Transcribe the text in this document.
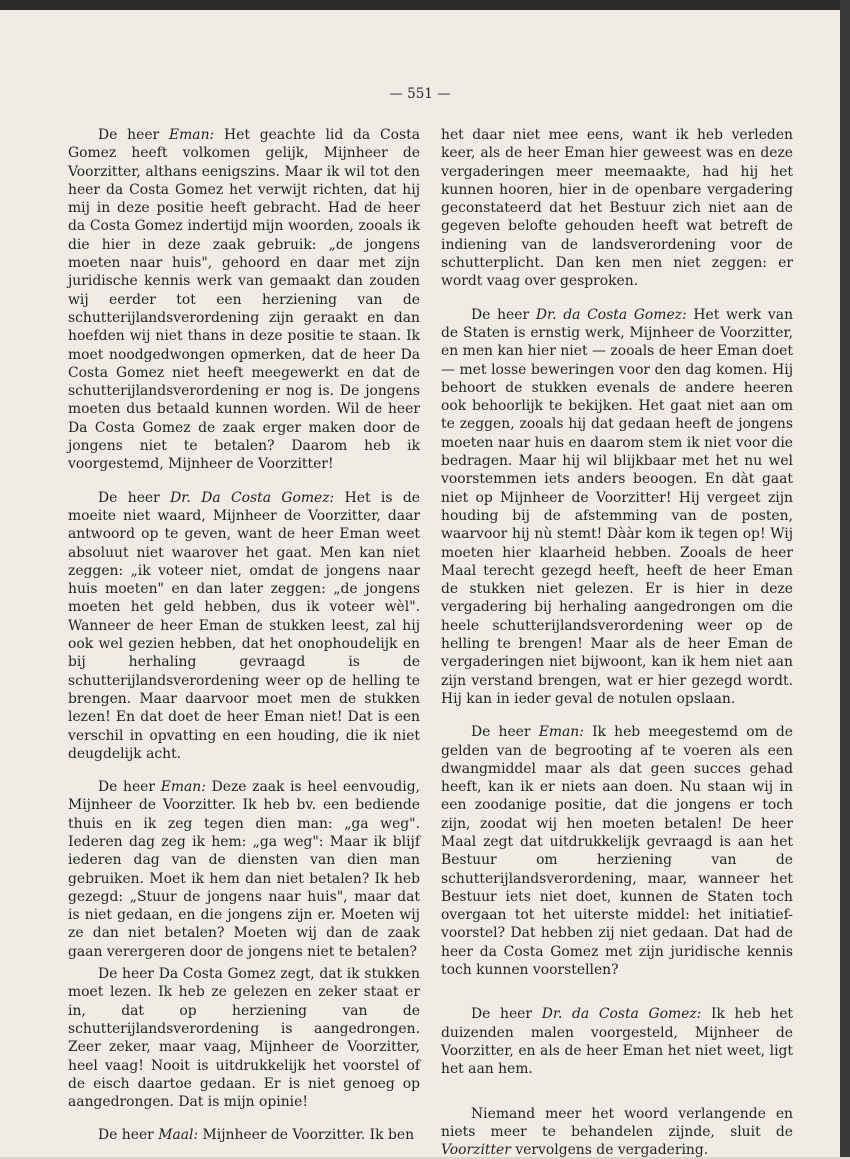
— 551 —

De heer Eman: Het geachte lid da Costa Gomez heeft volkomen gelijk, Mijnheer de Voorzitter, althans eenigszins. Maar ik wil tot den heer da Costa Gomez het verwijt richten, dat hij mij in deze positie heeft gebracht. Had de heer da Costa Gomez indertijd mijn woorden, zooals ik die hier in deze zaak gebruik: „de jongens moeten naar huis", gehoord en daar met zijn juridische kennis werk van gemaakt dan zouden wij eerder tot een herziening van de schutterijlandsverordening zijn geraakt en dan hoefden wij niet thans in deze positie te staan. Ik moet noodgedwongen opmerken, dat de heer Da Costa Gomez niet heeft meegewerkt en dat de schutterijlandsverordening er nog is. De jongens moeten dus betaald kunnen worden. Wil de heer Da Costa Gomez de zaak erger maken door de jongens niet te betalen? Daarom heb ik voorgestemd, Mijnheer de Voorzitter!

De heer Dr. Da Costa Gomez: Het is de moeite niet waard, Mijnheer de Voorzitter, daar antwoord op te geven, want de heer Eman weet absoluut niet waarover het gaat. Men kan niet zeggen: „ik voteer niet, omdat de jongens naar huis moeten" en dan later zeggen: „de jongens moeten het geld hebben, dus ik voteer wèl". Wanneer de heer Eman de stukken leest, zal hij ook wel gezien hebben, dat het onophoudelijk en bij herhaling gevraagd is de schutterijlandsverordening weer op de helling te brengen. Maar daarvoor moet men de stukken lezen! En dat doet de heer Eman niet! Dat is een verschil in opvatting en een houding, die ik niet deugdelijk acht.

De heer Eman: Deze zaak is heel eenvoudig, Mijnheer de Voorzitter. Ik heb bv. een bediende thuis en ik zeg tegen dien man: „ga weg". Iederen dag zeg ik hem: „ga weg": Maar ik blijf iederen dag van de diensten van dien man gebruiken. Moet ik hem dan niet betalen? Ik heb gezegd: „Stuur de jongens naar huis", maar dat is niet gedaan, en die jongens zijn er. Moeten wij ze dan niet betalen? Moeten wij dan de zaak gaan verergeren door de jongens niet te betalen?

De heer Da Costa Gomez zegt, dat ik stukken moet lezen. Ik heb ze gelezen en zeker staat er in, dat op herziening van de schutterijlandsverordening is aangedrongen. Zeer zeker, maar vaag, Mijnheer de Voorzitter, heel vaag! Nooit is uitdrukkelijk het voorstel of de eisch daartoe gedaan. Er is niet genoeg op aangedrongen. Dat is mijn opinie!

De heer Maal: Mijnheer de Voorzitter. Ik ben

het daar niet mee eens, want ik heb verleden keer, als de heer Eman hier geweest was en deze vergaderingen meer meemaakte, had hij het kunnen hooren, hier in de openbare vergadering geconstateerd dat het Bestuur zich niet aan de gegeven belofte gehouden heeft wat betreft de indiening van de landsverordening voor de schutterplicht. Dan ken men niet zeggen: er wordt vaag over gesproken.

De heer Dr. da Costa Gomez: Het werk van de Staten is ernstig werk, Mijnheer de Voorzitter, en men kan hier niet — zooals de heer Eman doet — met losse beweringen voor den dag komen. Hij behoort de stukken evenals de andere heeren ook behoorlijk te bekijken. Het gaat niet aan om te zeggen, zooals hij dat gedaan heeft de jongens moeten naar huis en daarom stem ik niet voor die bedragen. Maar hij wil blijkbaar met het nu wel voorstemmen iets anders beoogen. En dàt gaat niet op Mijnheer de Voorzitter! Hij vergeet zijn houding bij de afstemming van de posten, waarvoor hij nù stemt! Dààr kom ik tegen op! Wij moeten hier klaarheid hebben. Zooals de heer Maal terecht gezegd heeft, heeft de heer Eman de stukken niet gelezen. Er is hier in deze vergadering bij herhaling aangedrongen om die heele schutterijlandsverordening weer op de helling te brengen! Maar als de heer Eman de vergaderingen niet bijwoont, kan ik hem niet aan zijn verstand brengen, wat er hier gezegd wordt. Hij kan in ieder geval de notulen opslaan.

De heer Eman: Ik heb meegestemd om de gelden van de begrooting af te voeren als een dwangmiddel maar als dat geen succes gehad heeft, kan ik er niets aan doen. Nu staan wij in een zoodanige positie, dat die jongens er toch zijn, zoodat wij hen moeten betalen! De heer Maal zegt dat uitdrukkelijk gevraagd is aan het Bestuur om herziening van de schutterijlandsverordening, maar, wanneer het Bestuur iets niet doet, kunnen de Staten toch overgaan tot het uiterste middel: het initiatief-voorstel? Dat hebben zij niet gedaan. Dat had de heer da Costa Gomez met zijn juridische kennis toch kunnen voorstellen?

De heer Dr. da Costa Gomez: Ik heb het duizenden malen voorgesteld, Mijnheer de Voorzitter, en als de heer Eman het niet weet, ligt het aan hem.

Niemand meer het woord verlangende en niets meer te behandelen zijnde, sluit de Voorzitter vervolgens de vergadering.
